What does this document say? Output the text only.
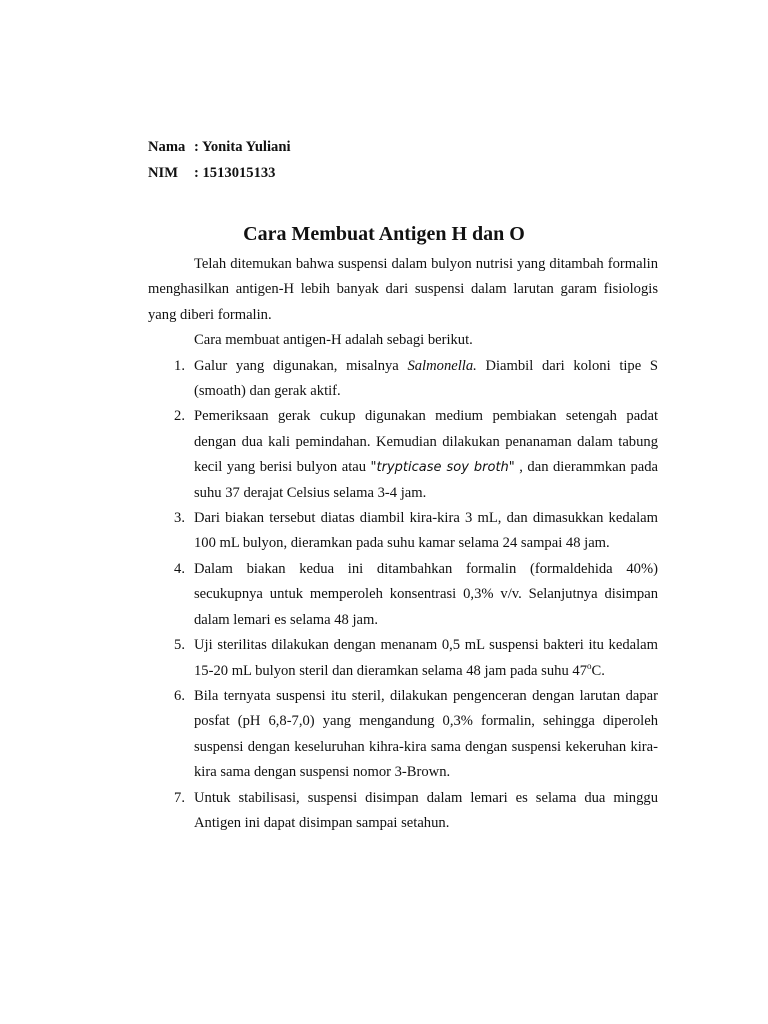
Nama : Yonita Yuliani
NIM	: 1513015133
Cara Membuat Antigen H dan O

Telah ditemukan bahwa suspensi dalam bulyon nutrisi yang ditambah formalin menghasilkan antigen-H lebih banyak dari suspensi dalam larutan garam fisiologis yang diberi formalin.

Cara membuat antigen-H adalah sebagi berikut.

1. Galur yang digunakan, misalnya Salmonella. Diambil dari koloni tipe S (smoath) dan gerak aktif.
2. Pemeriksaan gerak cukup digunakan medium pembiakan setengah padat dengan dua kali pemindahan. Kemudian dilakukan penanaman dalam tabung kecil yang berisi bulyon atau "trypticase soy broth" , dan dierammkan pada suhu 37 derajat Celsius selama 3-4 jam.
3. Dari biakan tersebut diatas diambil kira-kira 3 mL, dan dimasukkan kedalam 100 mL bulyon, dieramkan pada suhu kamar selama 24 sampai 48 jam.
4. Dalam biakan kedua ini ditambahkan formalin (formaldehida 40%) secukupnya untuk memperoleh konsentrasi 0,3% v/v. Selanjutnya disimpan dalam lemari es selama 48 jam.
5. Uji sterilitas dilakukan dengan menanam 0,5 mL suspensi bakteri itu kedalam 15-20 mL bulyon steril dan dieramkan selama 48 jam pada suhu 47$^o$C.
6. Bila ternyata suspensi itu steril, dilakukan pengenceran dengan larutan dapar posfat (pH 6,8-7,0) yang mengandung 0,3% formalin, sehingga diperoleh suspensi dengan keseluruhan kihra-kira sama dengan suspensi kekeruhan kira-kira sama dengan suspensi nomor 3-Brown.
7. Untuk stabilisasi, suspensi disimpan dalam lemari es selama dua minggu Antigen ini dapat disimpan sampai setahun.
